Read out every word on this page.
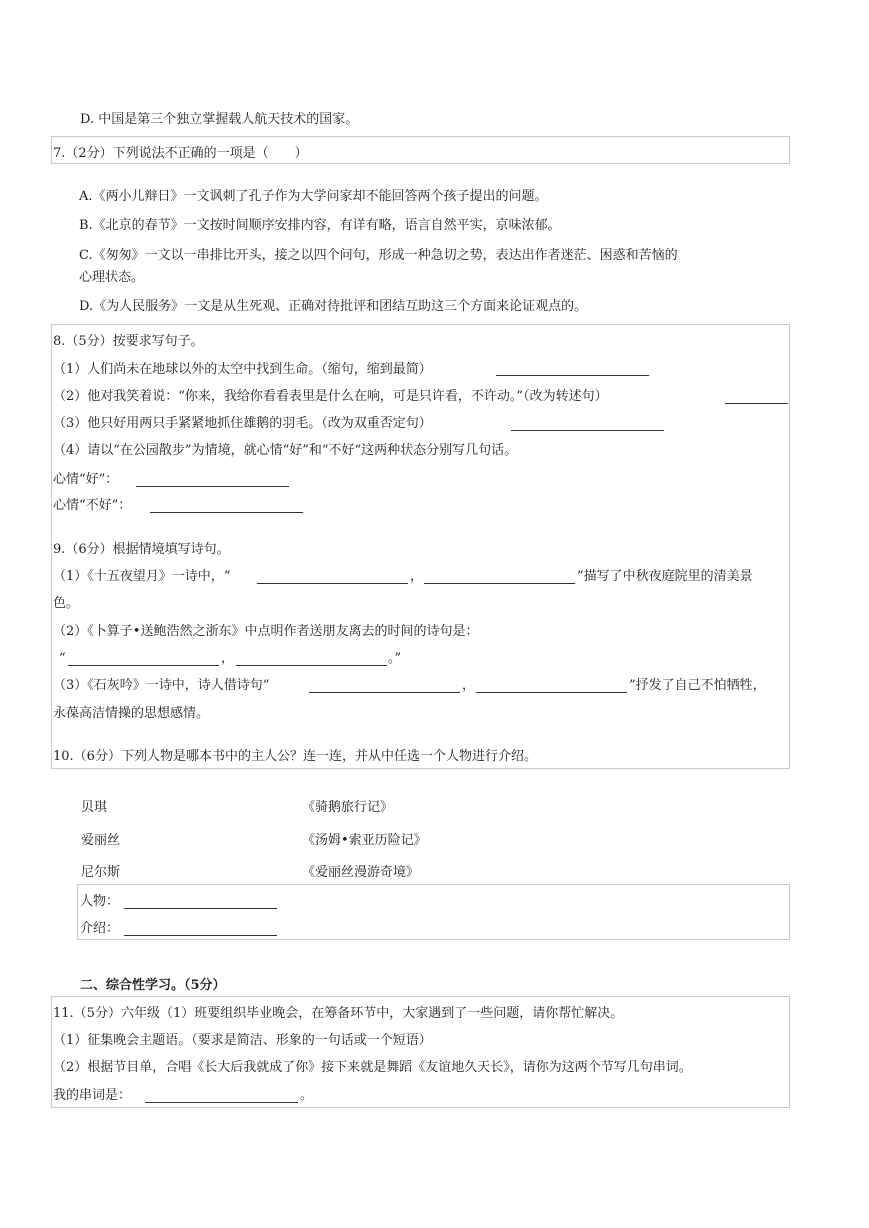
D. 中国是第三个独立掌握载人航天技术的国家。
7.（2分）下列说法不正确的一项是（　　）
A.《两小儿辩日》一文讽刺了孔子作为大学问家却不能回答两个孩子提出的问题。
B.《北京的春节》一文按时间顺序安排内容，有详有略，语言自然平实，京味浓郁。
C.《匆匆》一文以一串排比开头，接之以四个问句，形成一种急切之势，表达出作者迷茫、困惑和苦恼的
心理状态。
D.《为人民服务》一文是从生死观、正确对待批评和团结互助这三个方面来论证观点的。
8.（5分）按要求写句子。
（1）人们尚未在地球以外的太空中找到生命。（缩句，缩到最简）
（2）他对我笑着说：“你来，我给你看看表里是什么在响，可是只许看，不许动。”（改为转述句）
（3）他只好用两只手紧紧地抓住雄鹅的羽毛。（改为双重否定句）
（4）请以“在公园散步”为情境，就心情“好”和“不好“这两种状态分别写几句话。
心情“好”：
心情“不好”：
9.（6分）根据情境填写诗句。
（1）《十五夜望月》一诗中，“	，	”描写了中秋夜庭院里的清美景
色。
（2）《卜算子•送鲍浩然之浙东》中点明作者送朋友离去的时间的诗句是：
“	，	。”
（3）《石灰吟》一诗中，诗人借诗句“	，	”抒发了自己不怕牺牲，
永葆高洁情操的思想感情。
10.（6分）下列人物是哪本书中的主人公？连一连，并从中任选一个人物进行介绍。
贝琪	《骑鹅旅行记》
爱丽丝	《汤姆•索亚历险记》
尼尔斯	《爱丽丝漫游奇境》
人物：
介绍：
二、综合性学习。（5分）
11.（5分）六年级（1）班要组织毕业晚会，在筹备环节中，大家遇到了一些问题，请你帮忙解决。
（1）征集晚会主题语。（要求是简洁、形象的一句话或一个短语）
（2）根据节目单，合唱《长大后我就成了你》接下来就是舞蹈《友谊地久天长》，请你为这两个节写几句串词。
我的串词是：	。
